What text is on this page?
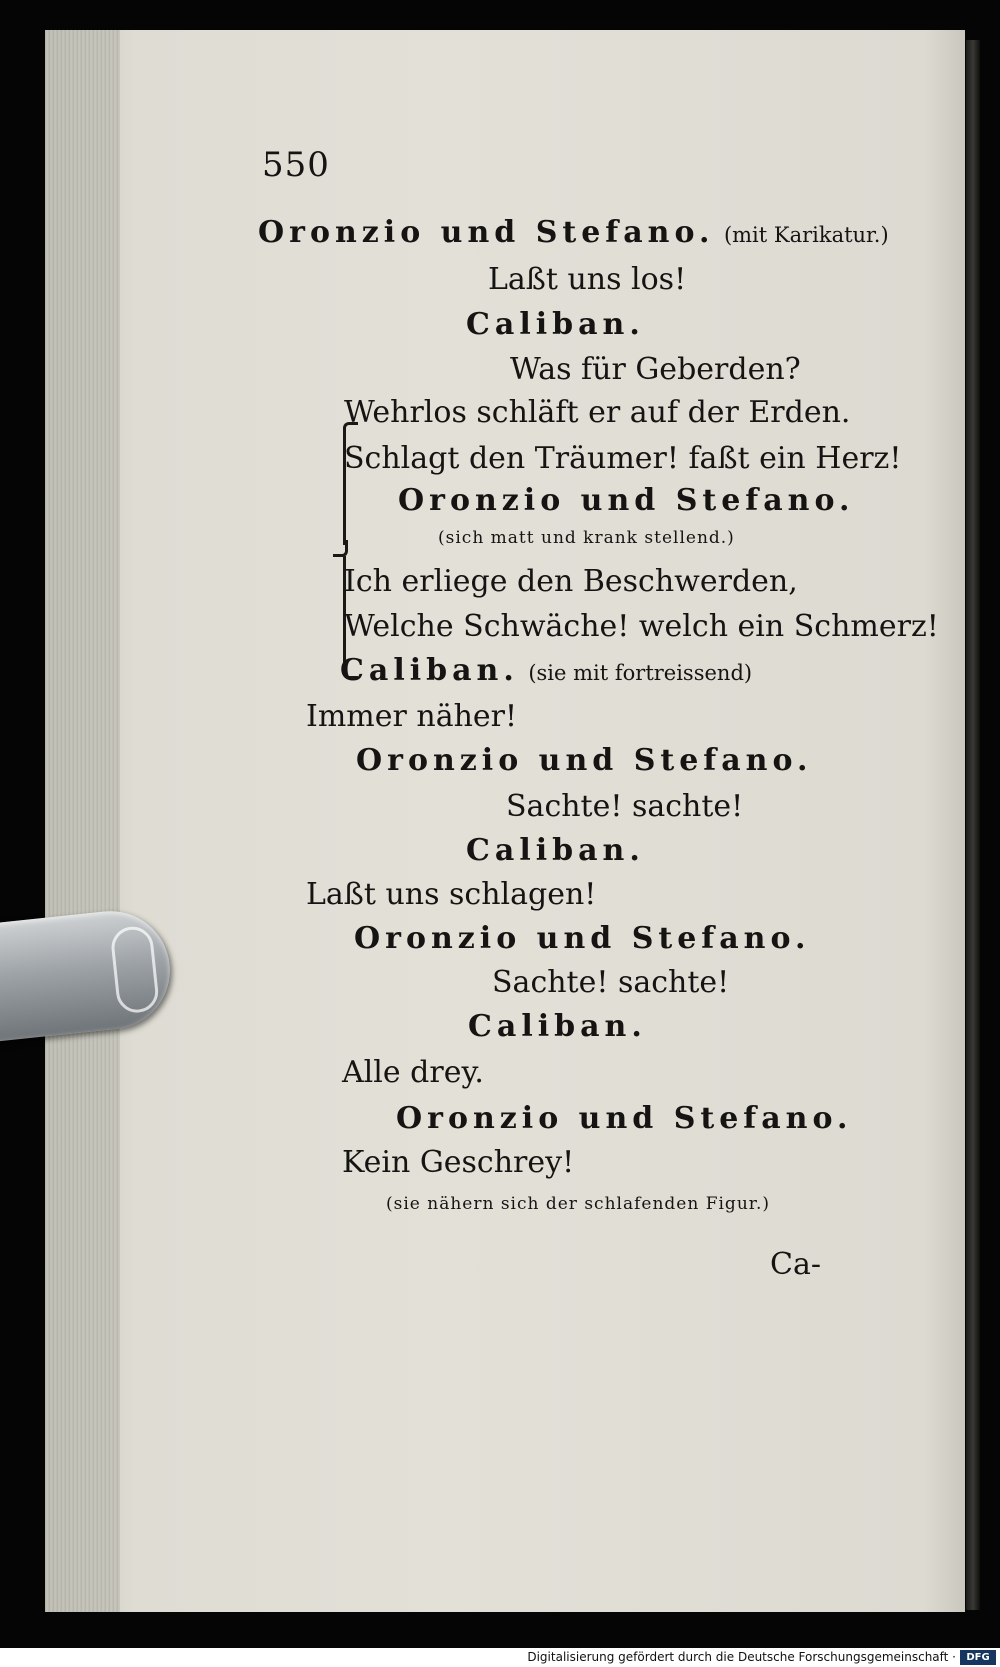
550
Oronzio und Stefano. (mit Karikatur.)
Laßt uns los!
Caliban.
Was für Geberden?
Wehrlos schläft er auf der Erden.
Schlagt den Träumer! faßt ein Herz!
Oronzio und Stefano.
(sich matt und krank stellend.)
Ich erliege den Beschwerden,
Welche Schwäche! welch ein Schmerz!
Caliban. (sie mit fortreissend)
Immer näher!
Oronzio und Stefano.
Sachte! sachte!
Caliban.
Laßt uns schlagen!
Oronzio und Stefano.
Sachte! sachte!
Caliban.
Alle drey.
Oronzio und Stefano.
Kein Geschrey!
(sie nähern sich der schlafenden Figur.)
Ca-
Digitalisierung gefördert durch die Deutsche Forschungsgemeinschaft ·	DFG
